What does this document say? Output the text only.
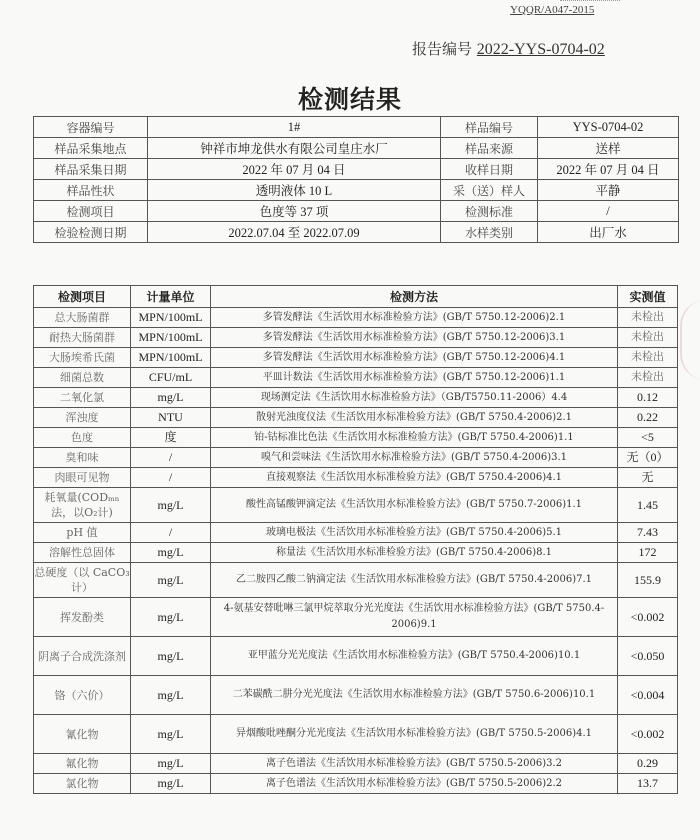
YQQR/A047-2015
报告编号 2022-YYS-0704-02
检测结果
容器编号	1#	样品编号	YYS-0704-02
样品采集地点	钟祥市坤龙供水有限公司皇庄水厂	样品来源	送样
样品采集日期	2022 年 07 月 04 日	收样日期	2022 年 07 月 04 日
样品性状	透明液体 10 L	采（送）样人	平静
检测项目	色度等 37 项	检测标准	/
检验检测日期	2022.07.04 至 2022.07.09	水样类别	出厂水
检测项目	计量单位	检测方法	实测值
总大肠菌群	MPN/100mL	多管发酵法《生活饮用水标准检验方法》(GB/T 5750.12-2006)2.1	未检出
耐热大肠菌群	MPN/100mL	多管发酵法《生活饮用水标准检验方法》(GB/T 5750.12-2006)3.1	未检出
大肠埃希氏菌	MPN/100mL	多管发酵法《生活饮用水标准检验方法》(GB/T 5750.12-2006)4.1	未检出
细菌总数	CFU/mL	平皿计数法《生活饮用水标准检验方法》(GB/T 5750.12-2006)1.1	未检出
二氧化氯	mg/L	现场测定法《生活饮用水标准检验方法》（GB/T5750.11-2006）4.4	0.12
浑浊度	NTU	散射光浊度仪法《生活饮用水标准检验方法》(GB/T 5750.4-2006)2.1	0.22
色度	度	铂-钴标准比色法《生活饮用水标准检验方法》(GB/T 5750.4-2006)1.1	<5
臭和味	/	嗅气和尝味法《生活饮用水标准检验方法》(GB/T 5750.4-2006)3.1	无（0）
肉眼可见物	/	直接观察法《生活饮用水标准检验方法》(GB/T 5750.4-2006)4.1	无
耗氧量(CODₘₙ法，以O₂计)	mg/L	酸性高锰酸钾滴定法《生活饮用水标准检验方法》(GB/T 5750.7-2006)1.1	1.45
pH 值	/	玻璃电极法《生活饮用水标准检验方法》(GB/T 5750.4-2006)5.1	7.43
溶解性总固体	mg/L	称量法《生活饮用水标准检验方法》(GB/T 5750.4-2006)8.1	172
总硬度（以 CaCO₃计）	mg/L	乙二胺四乙酸二钠滴定法《生活饮用水标准检验方法》(GB/T 5750.4-2006)7.1	155.9
挥发酚类	mg/L	4-氨基安替吡啉三氯甲烷萃取分光光度法《生活饮用水标准检验方法》(GB/T 5750.4-2006)9.1	<0.002
阴离子合成洗涤剂	mg/L	亚甲蓝分光光度法《生活饮用水标准检验方法》(GB/T 5750.4-2006)10.1	<0.050
铬（六价）	mg/L	二苯碳酰二肼分光光度法《生活饮用水标准检验方法》(GB/T 5750.6-2006)10.1	<0.004
氰化物	mg/L	异烟酸吡唑酮分光光度法《生活饮用水标准检验方法》(GB/T 5750.5-2006)4.1	<0.002
氟化物	mg/L	离子色谱法《生活饮用水标准检验方法》(GB/T 5750.5-2006)3.2	0.29
氯化物	mg/L	离子色谱法《生活饮用水标准检验方法》(GB/T 5750.5-2006)2.2	13.7
